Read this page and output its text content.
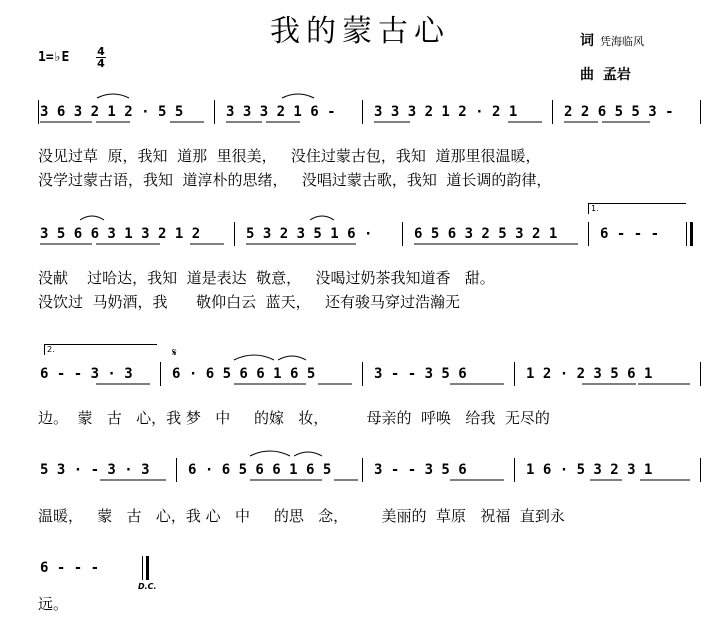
我的蒙古心	词 凭海临风
曲 孟岩
1=♭E	4
4

3 6 3 2 1 2 · 5 5

	3 3 3 2 1 6 -

	3 3 3 2 1 2 · 2 1

	2 2 6 5 5 3 -

没见过草  原，我知  道那  里很美，   没住过蒙古包，我知  道那里很温暖，

没学过蒙古语，我知  道淳朴的思绪，   没唱过蒙古歌，我知  道长调的韵律，

1.

3 5 6 6 3 1 3 2 1 2

	5 3 2 3 5 1 6 ·

	6 5 6 3 2 5 3 2 1

	6 - - -

没献    过哈达，我知  道是表达  敬意，   没喝过奶茶我知道香   甜。

没饮过  马奶酒，我      敬仰白云  蓝天，   还有骏马穿过浩瀚无

2.	𝄋

6 - - 3 · 3

	6 · 6 5 6 6 1 6 5

	3 - - 3 5 6

	1 2 · 2 3 5 6 1

边。  蒙   古   心，我 梦   中     的嫁   妆，        母亲的  呼唤   给我  无尽的

5 3 · - 3 · 3

	6 · 6 5 6 6 1 6 5

	3 - - 3 5 6

	1 6 · 5 3 2 3 1

温暖，   蒙   古   心，我 心   中     的思   念，       美丽的  草原   祝福  直到永

6 - - -

D.C.

远。
